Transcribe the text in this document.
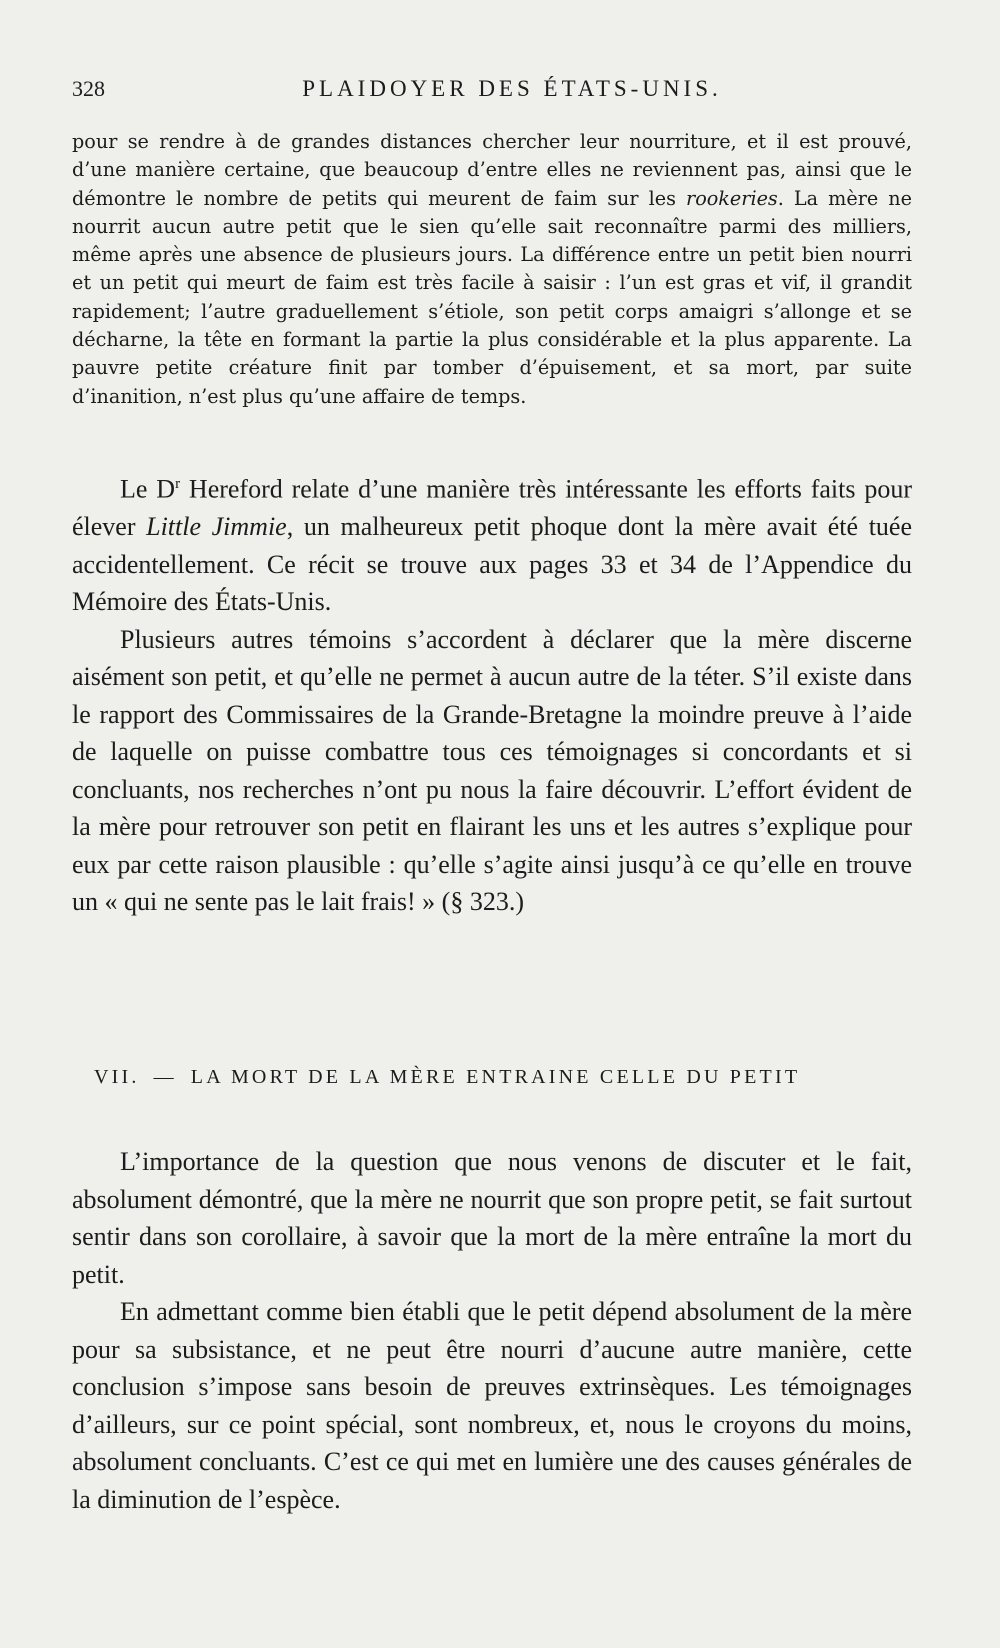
328	PLAIDOYER DES ÉTATS-UNIS.

pour se rendre à de grandes distances chercher leur nourriture, et il est prouvé, d’une manière certaine, que beaucoup d’entre elles ne reviennent pas, ainsi que le démontre le nombre de petits qui meurent de faim sur les rookeries. La mère ne nourrit aucun autre petit que le sien qu’elle sait reconnaître parmi des milliers, même après une absence de plusieurs jours. La différence entre un petit bien nourri et un petit qui meurt de faim est très facile à saisir : l’un est gras et vif, il grandit rapidement; l’autre graduellement s’étiole, son petit corps amaigri s’allonge et se décharne, la tête en formant la partie la plus considérable et la plus apparente. La pauvre petite créature finit par tomber d’épuisement, et sa mort, par suite d’inanition, n’est plus qu’une affaire de temps.

Le $D^r$ Hereford relate d’une manière très intéressante les efforts faits pour élever Little Jimmie, un malheureux petit phoque dont la mère avait été tuée accidentellement. Ce récit se trouve aux pages 33 et 34 de l’Appendice du Mémoire des États-Unis.

Plusieurs autres témoins s’accordent à déclarer que la mère discerne aisément son petit, et qu’elle ne permet à aucun autre de la téter. S’il existe dans le rapport des Commissaires de la Grande-Bretagne la moindre preuve à l’aide de laquelle on puisse combattre tous ces témoignages si concordants et si concluants, nos recherches n’ont pu nous la faire découvrir. L’effort évident de la mère pour retrouver son petit en flairant les uns et les autres s’explique pour eux par cette raison plausible : qu’elle s’agite ainsi jusqu’à ce qu’elle en trouve un « qui ne sente pas le lait frais! » (§ 323.)

VII. — LA MORT DE LA MÈRE ENTRAINE CELLE DU PETIT

L’importance de la question que nous venons de discuter et le fait, absolument démontré, que la mère ne nourrit que son propre petit, se fait surtout sentir dans son corollaire, à savoir que la mort de la mère entraîne la mort du petit.

En admettant comme bien établi que le petit dépend absolument de la mère pour sa subsistance, et ne peut être nourri d’aucune autre manière, cette conclusion s’impose sans besoin de preuves extrinsèques. Les témoignages d’ailleurs, sur ce point spécial, sont nombreux, et, nous le croyons du moins, absolument concluants. C’est ce qui met en lumière une des causes générales de la diminution de l’espèce.
